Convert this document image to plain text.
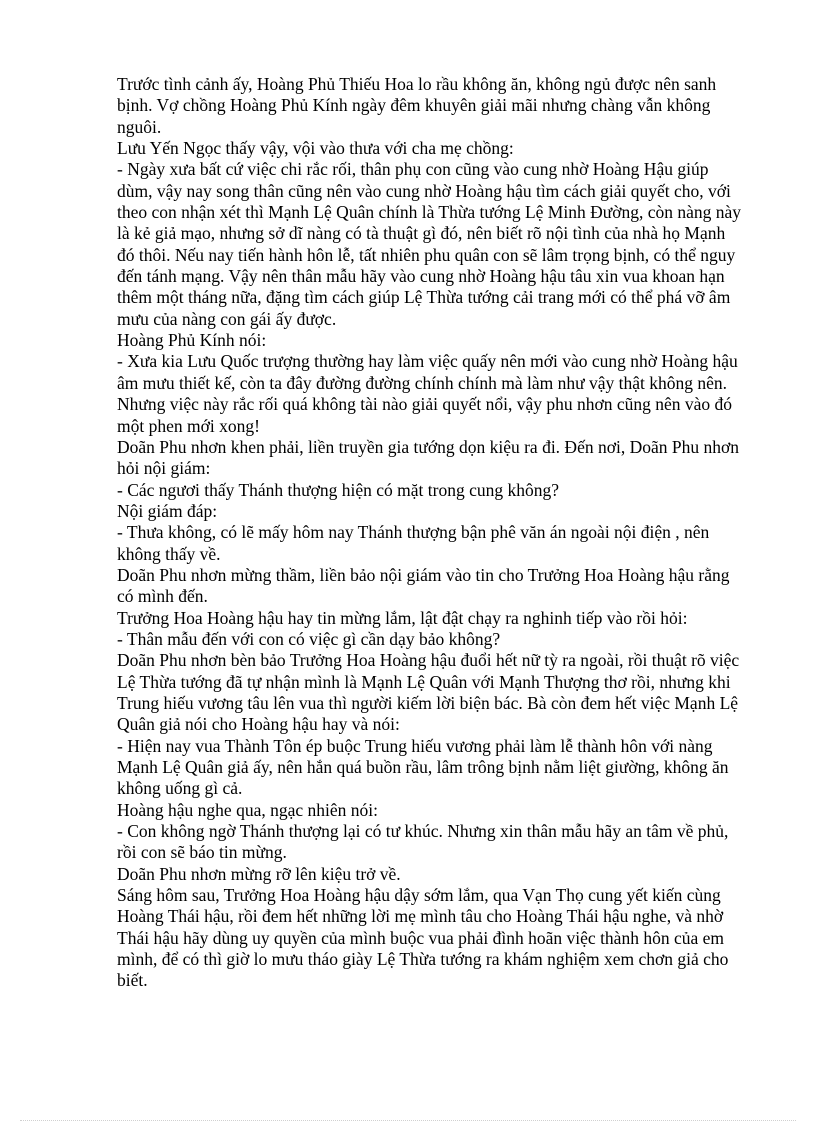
Trước tình cảnh ấy, Hoàng Phủ Thiếu Hoa lo rầu không ăn, không ngủ được nên sanh bịnh. Vợ chồng Hoàng Phủ Kính ngày đêm khuyên giải mãi nhưng chàng vẫn không nguôi.

Lưu Yến Ngọc thấy vậy, vội vào thưa với cha mẹ chồng:

- Ngày xưa bất cứ việc chi rắc rối, thân phụ con cũng vào cung nhờ Hoàng Hậu giúp dùm, vậy nay song thân cũng nên vào cung nhờ Hoàng hậu tìm cách giải quyết cho, với theo con nhận xét thì Mạnh Lệ Quân chính là Thừa tướng Lệ Minh Đường, còn nàng này là kẻ giả mạo, nhưng sở dĩ nàng có tà thuật gì đó, nên biết rõ nội tình của nhà họ Mạnh đó thôi. Nếu nay tiến hành hôn lễ, tất nhiên phu quân con sẽ lâm trọng bịnh, có thể nguy đến tánh mạng. Vậy nên thân mẫu hãy vào cung nhờ Hoàng hậu tâu xin vua khoan hạn thêm một tháng nữa, đặng tìm cách giúp Lệ Thừa tướng cải trang mới có thể phá vỡ âm mưu của nàng con gái ấy được.

Hoàng Phủ Kính nói:

- Xưa kia Lưu Quốc trượng thường hay làm việc quấy nên mới vào cung nhờ Hoàng hậu âm mưu thiết kế, còn ta đây đường đường chính chính mà làm như vậy thật không nên. Nhưng việc này rắc rối quá không tài nào giải quyết nổi, vậy phu nhơn cũng nên vào đó một phen mới xong!

Doãn Phu nhơn khen phải, liền truyền gia tướng dọn kiệu ra đi. Đến nơi, Doãn Phu nhơn hỏi nội giám:

- Các ngươi thấy Thánh thượng hiện có mặt trong cung không?

Nội giám đáp:

- Thưa không, có lẽ mấy hôm nay Thánh thượng bận phê văn án ngoài nội điện , nên không thấy về.

Doãn Phu nhơn mừng thầm, liền bảo nội giám vào tin cho Trưởng Hoa Hoàng hậu rằng có mình đến.

Trưởng Hoa Hoàng hậu hay tin mừng lắm, lật đật chạy ra nghinh tiếp vào rồi hỏi:

- Thân mẫu đến với con có việc gì cần dạy bảo không?

Doãn Phu nhơn bèn bảo Trưởng Hoa Hoàng hậu đuổi hết nữ tỳ ra ngoài, rồi thuật rõ việc Lệ Thừa tướng đã tự nhận mình là Mạnh Lệ Quân với Mạnh Thượng thơ rồi, nhưng khi Trung hiếu vương tâu lên vua thì người kiếm lời biện bác. Bà còn đem hết việc Mạnh Lệ Quân giả nói cho Hoàng hậu hay và nói:

- Hiện nay vua Thành Tôn ép buộc Trung hiếu vương phải làm lễ thành hôn với nàng Mạnh Lệ Quân giả ấy, nên hắn quá buồn rầu, lâm trông bịnh nằm liệt giường, không ăn không uống gì cả.

Hoàng hậu nghe qua, ngạc nhiên nói:

- Con không ngờ Thánh thượng lại có tư khúc. Nhưng xin thân mẫu hãy an tâm về phủ, rồi con sẽ báo tin mừng.

Doãn Phu nhơn mừng rỡ lên kiệu trở về.

Sáng hôm sau, Trưởng Hoa Hoàng hậu dậy sớm lắm, qua Vạn Thọ cung yết kiến cùng Hoàng Thái hậu, rồi đem hết những lời mẹ mình tâu cho Hoàng Thái hậu nghe, và nhờ Thái hậu hãy dùng uy quyền của mình buộc vua phải đình hoãn việc thành hôn của em mình, để có thì giờ lo mưu tháo giày Lệ Thừa tướng ra khám nghiệm xem chơn giả cho biết.
